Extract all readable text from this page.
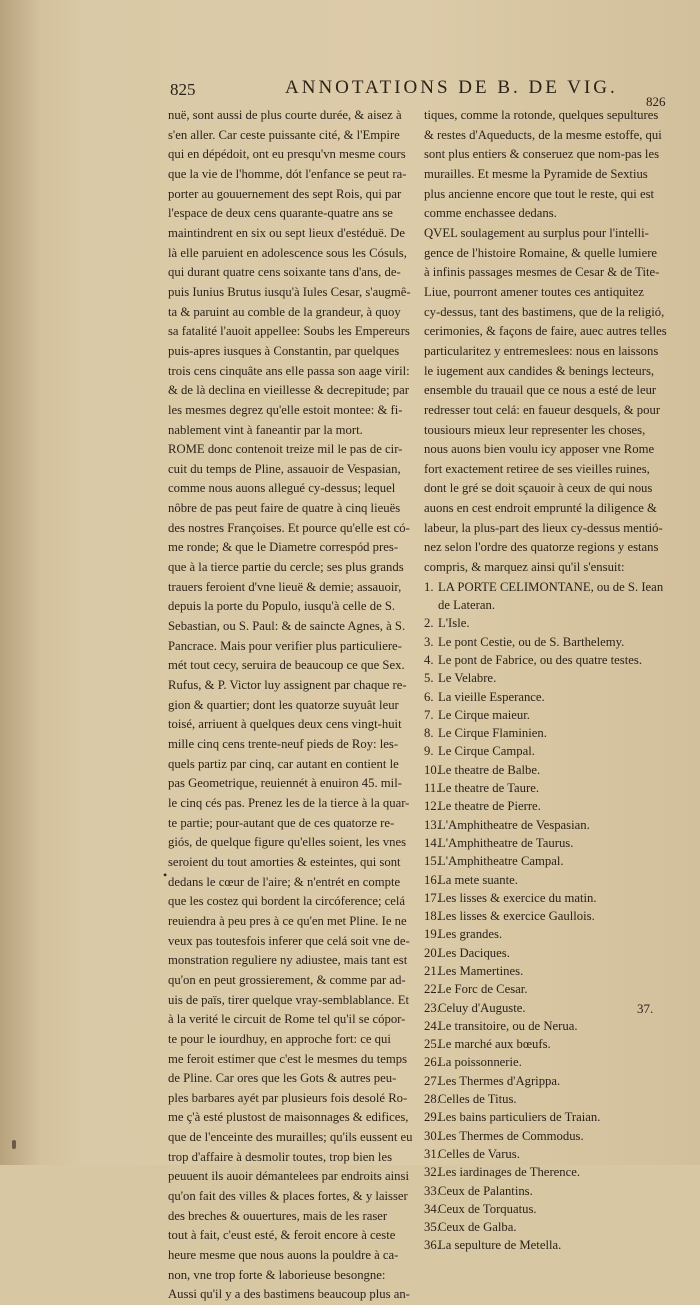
825	ANNOTATIONS DE B. DE VIG.
826
nuë, sont aussi de plus courte durée, & aisez à
s'en aller. Car ceste puissante cité, & l'Empire
qui en dépédoit, ont eu presqu'vn mesme cours
que la vie de l'homme, dót l'enfance se peut ra-
porter au gouuernement des sept Rois, qui par
l'espace de deux cens quarante-quatre ans se
maintindrent en six ou sept lieux d'estéduë. De
là elle paruient en adolescence sous les Cósuls,
qui durant quatre cens soixante tans d'ans, de-
puis Iunius Brutus iusqu'à Iules Cesar, s'augmê-
ta & paruint au comble de la grandeur, à quoy
sa fatalité l'auoit appellee: Soubs les Empereurs
puis-apres iusques à Constantin, par quelques
trois cens cinquâte ans elle passa son aage viril:
& de là declina en vieillesse & decrepitude; par
les mesmes degrez qu'elle estoit montee: & fi-
nablement vint à faneantir par la mort.
ROME donc contenoit treize mil le pas de cir-
cuit du temps de Pline, assauoir de Vespasian,
comme nous auons allegué cy-dessus; lequel
nôbre de pas peut faire de quatre à cinq lieuës
des nostres Françoises. Et pource qu'elle est có-
me ronde; & que le Diametre correspód pres-
que à la tierce partie du cercle; ses plus grands
trauers feroient d'vne lieuë & demie; assauoir,
depuis la porte du Populo, iusqu'à celle de S.
Sebastian, ou S. Paul: & de saincte Agnes, à S.
Pancrace. Mais pour verifier plus particuliere-
mét tout cecy, seruira de beaucoup ce que Sex.
Rufus, & P. Victor luy assignent par chaque re-
gion & quartier; dont les quatorze suyuât leur
toisé, arriuent à quelques deux cens vingt-huit
mille cinq cens trente-neuf pieds de Roy: les-
quels partiz par cinq, car autant en contient le
pas Geometrique, reuiennét à enuiron 45. mil-
le cinq cés pas. Prenez les de la tierce à la quar-
te partie; pour-autant que de ces quatorze re-
giós, de quelque figure qu'elles soient, les vnes
seroient du tout amorties & esteintes, qui sont
dedans le cœur de l'aire; & n'entrét en compte
que les costez qui bordent la circóference; celá
reuiendra à peu pres à ce qu'en met Pline. Ie ne
veux pas toutesfois inferer que celá soit vne de-
monstration reguliere ny adiustee, mais tant est
qu'on en peut grossierement, & comme par ad-
uis de païs, tirer quelque vray-semblablance. Et
à la verité le circuit de Rome tel qu'il se cópor-
te pour le iourdhuy, en approche fort: ce qui
me feroit estimer que c'est le mesmes du temps
de Pline. Car ores que les Gots & autres peu-
ples barbares ayét par plusieurs fois desolé Ro-
me ç'à esté plustost de maisonnages & edifices,
que de l'enceinte des murailles; qu'ils eussent eu
trop d'affaire à desmolir toutes, trop bien les
peuuent ils auoir démantelees par endroits ainsi
qu'on fait des villes & places fortes, & y laisser
des breches & ouuertures, mais de les raser
tout à fait, c'eust esté, & feroit encore à ceste
heure mesme que nous auons la pouldre à ca-
non, vne trop forte & laborieuse besongne:
Aussi qu'il y a des bastimens beaucoup plus an-
•
tiques, comme la rotonde, quelques sepultures
& restes d'Aqueducts, de la mesme estoffe, qui
sont plus entiers & conseruez que nom-pas les
murailles. Et mesme la Pyramide de Sextius
plus ancienne encore que tout le reste, qui est
comme enchassee dedans.
QVEL soulagement au surplus pour l'intelli-
gence de l'histoire Romaine, & quelle lumiere
à infinis passages mesmes de Cesar & de Tite-
Liue, pourront amener toutes ces antiquitez
cy-dessus, tant des bastimens, que de la religió,
cerimonies, & façons de faire, auec autres telles
particularitez y entremeslees: nous en laissons
le iugement aux candides & benings lecteurs,
ensemble du trauail que ce nous a esté de leur
redresser tout celá: en faueur desquels, & pour
tousiours mieux leur representer les choses,
nous auons bien voulu icy apposer vne Rome
fort exactement retiree de ses vieilles ruines,
dont le gré se doit sçauoir à ceux de qui nous
auons en cest endroit emprunté la diligence &
labeur, la plus-part des lieux cy-dessus mentió-
nez selon l'ordre des quatorze regions y estans
compris, & marquez ainsi qu'il s'ensuit:
1. LA PORTE CELIMONTANE, ou de S. Iean
de Lateran.
2. L'Isle.
3. Le pont Cestie, ou de S. Barthelemy.
4. Le pont de Fabrice, ou des quatre testes.
5. Le Velabre.
6. La vieille Esperance.
7. Le Cirque maieur.
8. Le Cirque Flaminien.
9. Le Cirque Campal.
10.Le theatre de Balbe.
11.Le theatre de Taure.
12.Le theatre de Pierre.
13.L'Amphitheatre de Vespasian.
14.L'Amphitheatre de Taurus.
15.L'Amphitheatre Campal.
16.La mete suante.
17.Les lisses & exercice du matin.
18.Les lisses & exercice Gaullois.
19.Les grandes.
20.Les Daciques.
21.Les Mamertines.
22.Le Forc de Cesar.
23.Celuy d'Auguste.
24.Le transitoire, ou de Nerua.
25.Le marché aux bœufs.
26.La poissonnerie.
27.Les Thermes d'Agrippa.
28.Celles de Titus.
29.Les bains particuliers de Traian.
30.Les Thermes de Commodus.
31.Celles de Varus.
32.Les iardinages de Therence.
33.Ceux de Palantins.
34.Ceux de Torquatus.
35.Ceux de Galba.
36.La sepulture de Metella.
37.
